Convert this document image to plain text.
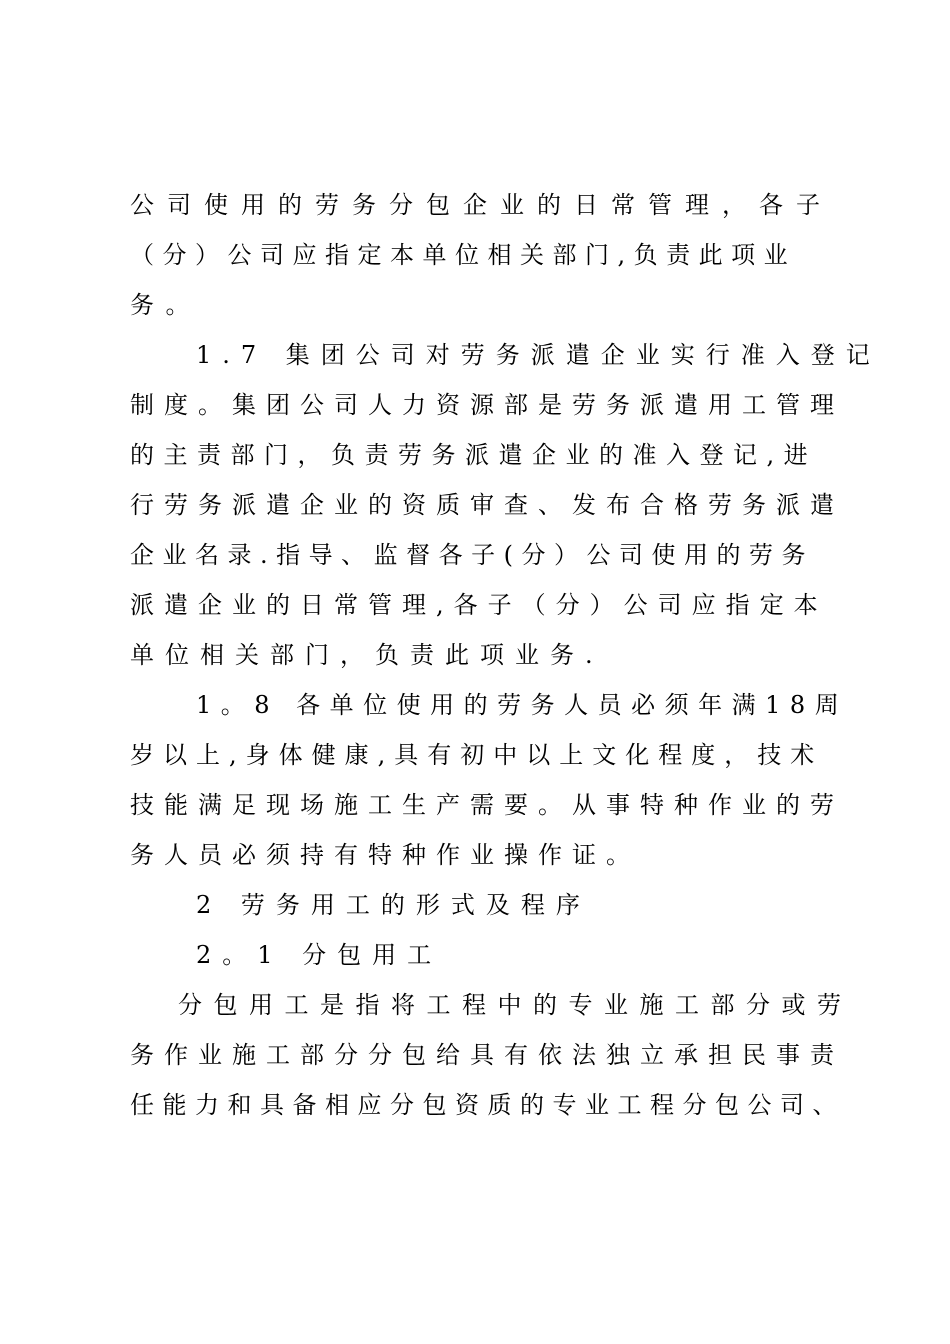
公司使用的劳务分包企业的日常管理，各子
（分）公司应指定本单位相关部门,负责此项业
务。
1.7 集团公司对劳务派遣企业实行准入登记
制度。集团公司人力资源部是劳务派遣用工管理
的主责部门，负责劳务派遣企业的准入登记,进
行劳务派遣企业的资质审查、发布合格劳务派遣
企业名录.指导、监督各子(分）公司使用的劳务
派遣企业的日常管理,各子（分）公司应指定本
单位相关部门，负责此项业务.
1。8 各单位使用的劳务人员必须年满18周
岁以上,身体健康,具有初中以上文化程度，技术
技能满足现场施工生产需要。从事特种作业的劳
务人员必须持有特种作业操作证。
2 劳务用工的形式及程序
2。1 分包用工
分包用工是指将工程中的专业施工部分或劳
务作业施工部分分包给具有依法独立承担民事责
任能力和具备相应分包资质的专业工程分包公司、
